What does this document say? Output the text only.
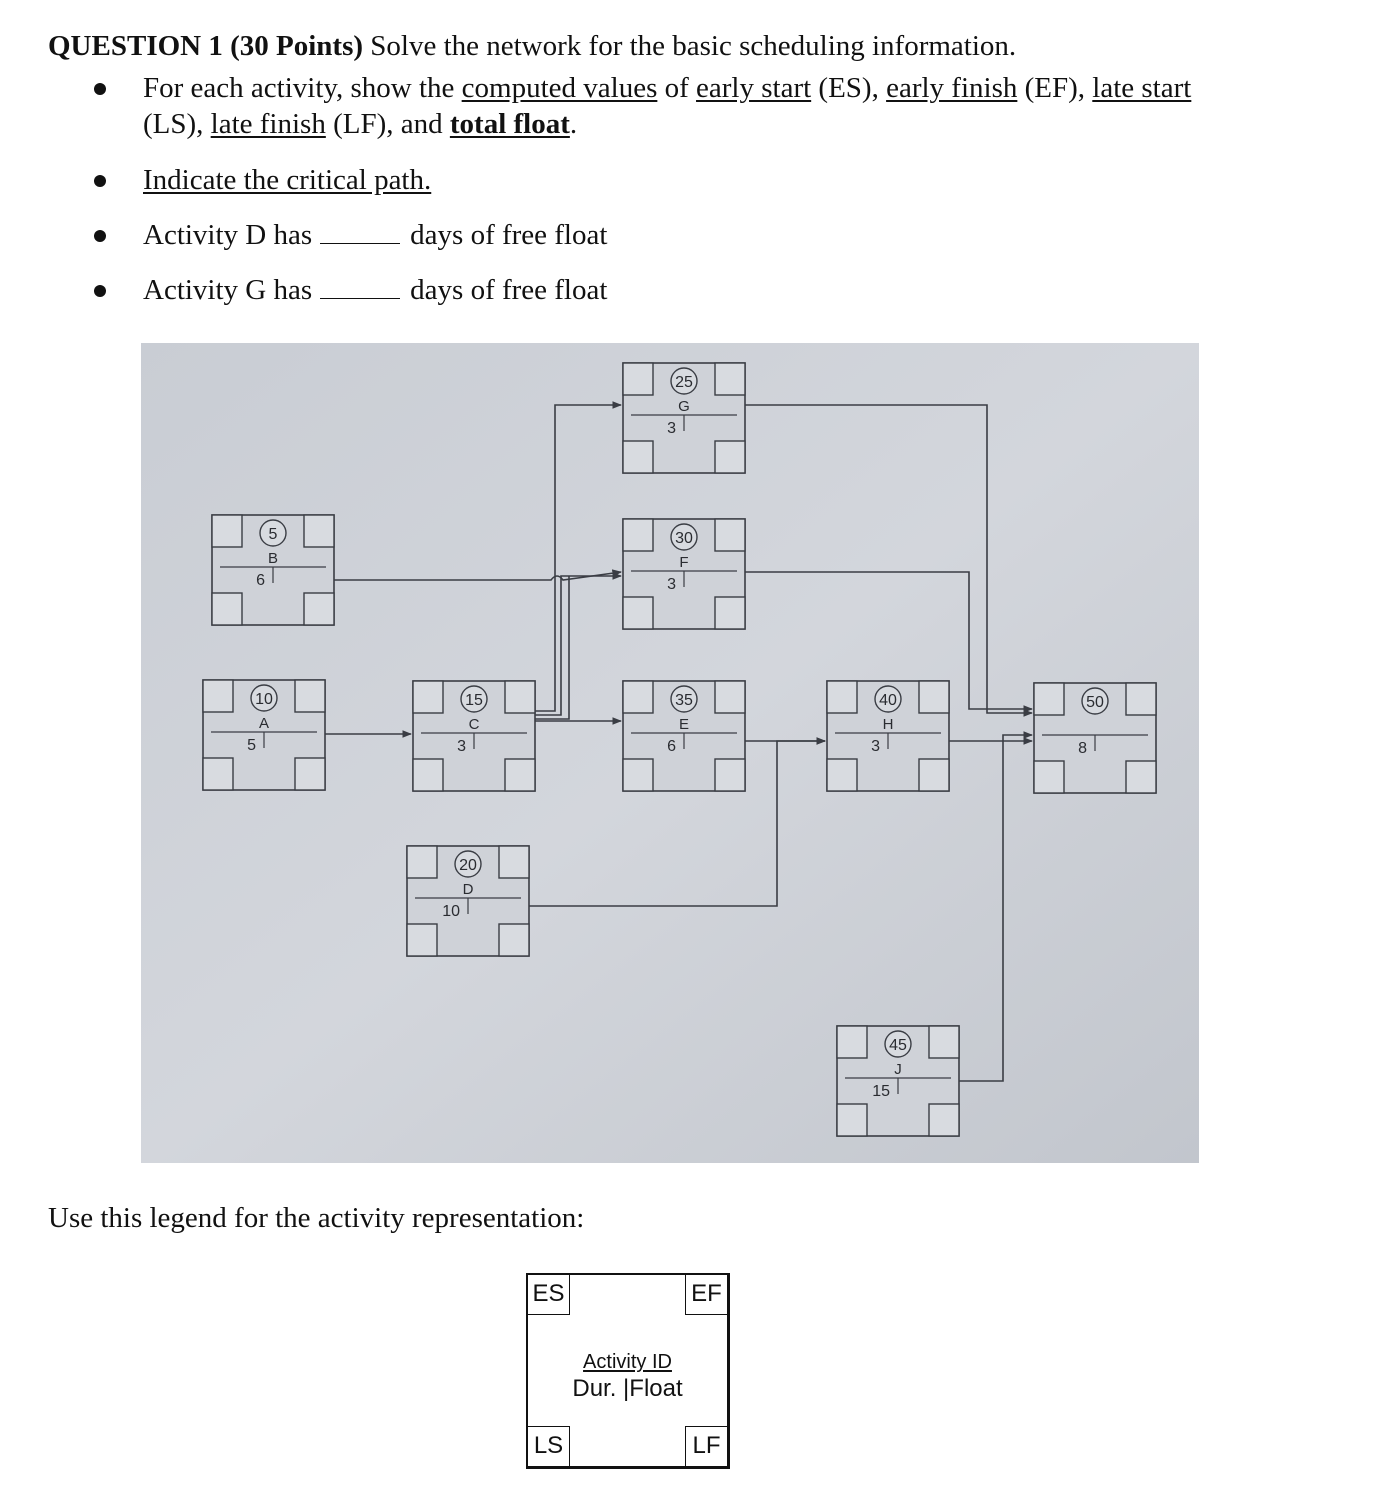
QUESTION 1 (30 Points) Solve the network for the basic scheduling information.
For each activity, show the computed values of early start (ES), early finish (EF), late start
(LS), late finish (LF), and total float.
Indicate the critical path.
Activity D has	days of free float
Activity G has	days of free float
10
A
5
5
B
6
15
C
3
20
D
10
35
E
6
30
F
3
25
G
3
40
H
3
45
J
15
50
8

Use this legend for the activity representation:

ES	EF
Activity ID
Dur. |Float
LS	LF
